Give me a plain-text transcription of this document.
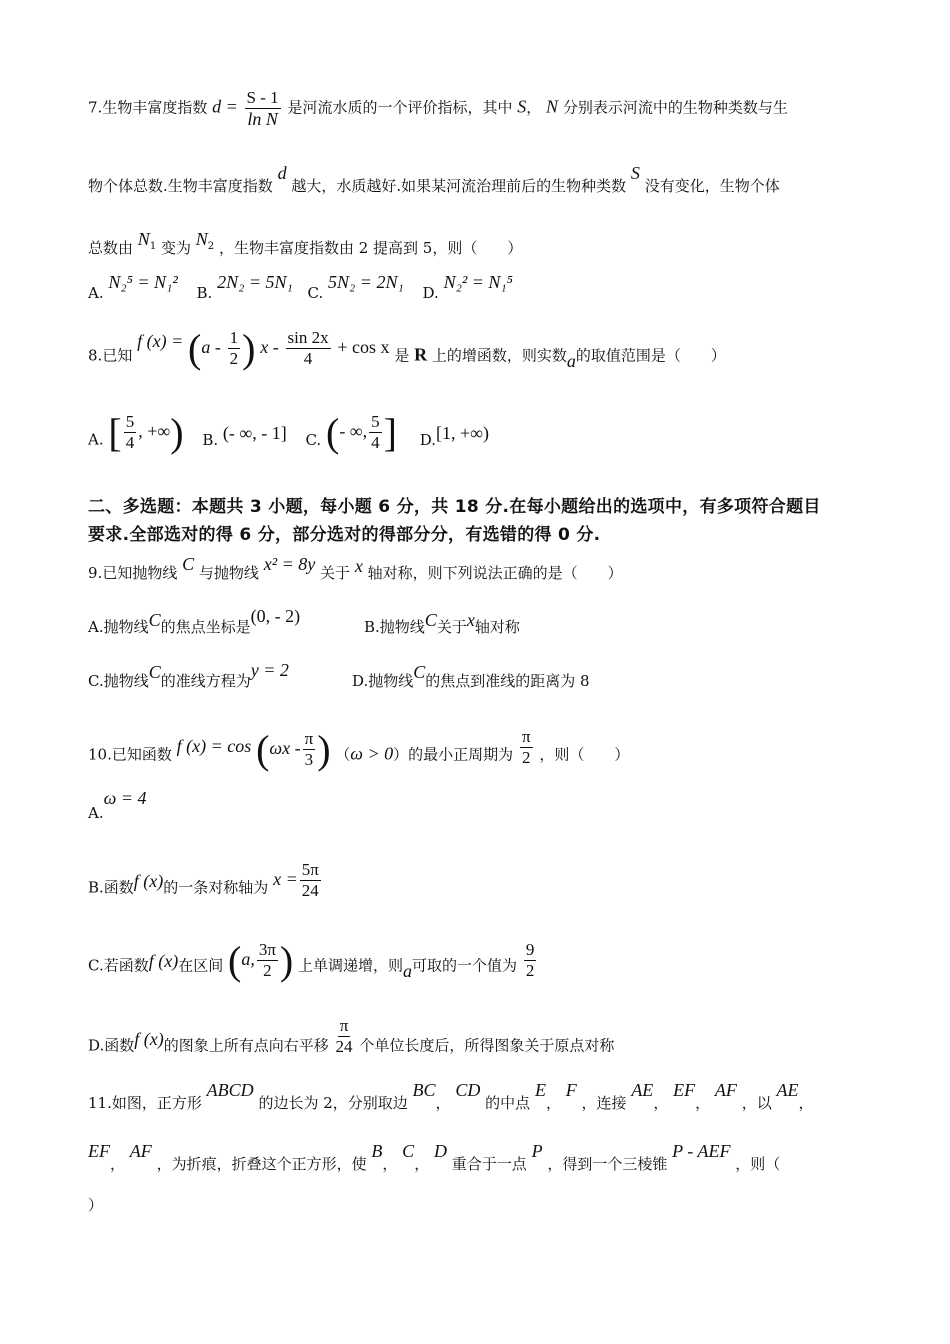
7.生物丰富度指数 $d = \frac{S - 1}{\text{ln N}}$ 是河流水质的一个评价指标，其中 S， N 分别表示河流中的生物种类数与生
物个体总数.生物丰富度指数 d 越大，水质越好.如果某河流治理前后的生物种类数 S 没有变化，生物个体
总数由 $N_1$ 变为 $N_2$ ，生物丰富度指数由 2 提高到 5，则（　　）
A. N₂⁵ = N₁² B. 2N₂ = 5N₁ C. 5N₂ = 2N₁ D. N₂² = N₁⁵
8.已知 f $(x) = (a - \frac{1}{2}$ ) $x - \frac{\sin 2x}{4} + \cos x$ 是 R 上的增函数，则实数a的取值范围是（　　）
A. [ $\frac{5}{4}$ , +∞) B. (- ∞, - 1] C. (- ∞, $\frac{5}{4}$ ] D.[1, +∞)
二、多选题：本题共 3 小题，每小题 6 分，共 18 分.在每小题给出的选项中，有多项符合题目
要求.全部选对的得 6 分，部分选对的得部分分，有选错的得 0 分.
9.已知抛物线 C 与抛物线 x² = 8y 关于 x 轴对称，则下列说法正确的是（　　）
A.抛物线C的焦点坐标是(0, - 2)
B.抛物线C关于x轴对称
C.抛物线C的准线方程为y = 2
D.抛物线C的焦点到准线的距离为 8
10.已知函数 f $(x) = \cos (\omega x - \frac{\pi}{3}$ ) （ω > 0）的最小正周期为 $\frac{\pi}{2}$ ，则（　　）
A.ω = 4
B.函数f (x)的一条对称轴为 $x = \frac{5\pi}{24}$
C.若函数f (x)在区间 (a, $\frac{3\pi}{2}$ ) 上单调递增，则a可取的一个值为 $\frac{9}{2}$
D.函数f (x)的图象上所有点向右平移 $\frac{\pi}{24}$ 个单位长度后，所得图象关于原点对称
11.如图，正方形 ABCD 的边长为 2，分别取边 BC， CD 的中点 E， F ，连接 AE， EF， AF ，以 AE，
EF， AF ，为折痕，折叠这个正方形，使 B， C， D 重合于一点 P ，得到一个三棱锥 P - AEF ，则（
）
